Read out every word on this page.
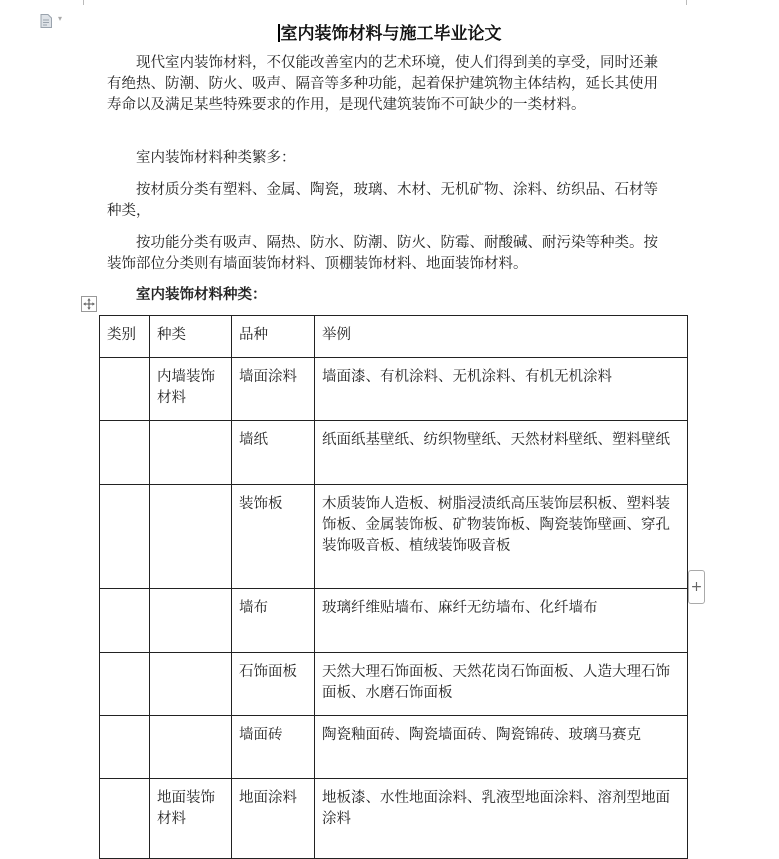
▾
室内装饰材料与施工毕业论文

现代室内装饰材料，不仅能改善室内的艺术环境，使人们得到美的享受，同时还兼有绝热、防潮、防火、吸声、隔音等多种功能，起着保护建筑物主体结构，延长其使用寿命以及满足某些特殊要求的作用，是现代建筑装饰不可缺少的一类材料。

室内装饰材料种类繁多：

按材质分类有塑料、金属、陶瓷，玻璃、木材、无机矿物、涂料、纺织品、石材等种类，

按功能分类有吸声、隔热、防水、防潮、防火、防霉、耐酸碱、耐污染等种类。按装饰部位分类则有墙面装饰材料、顶棚装饰材料、地面装饰材料。

室内装饰材料种类：

类别	种类	品种	举例
	内墙装饰材料	墙面涂料	墙面漆、有机涂料、无机涂料、有机无机涂料
		墙纸	纸面纸基壁纸、纺织物壁纸、天然材料壁纸、塑料壁纸
		装饰板	木质装饰人造板、树脂浸渍纸高压装饰层积板、塑料装饰板、金属装饰板、矿物装饰板、陶瓷装饰壁画、穿孔装饰吸音板、植绒装饰吸音板
		墙布	玻璃纤维贴墙布、麻纤无纺墙布、化纤墙布
		石饰面板	天然大理石饰面板、天然花岗石饰面板、人造大理石饰面板、水磨石饰面板
		墙面砖	陶瓷釉面砖、陶瓷墙面砖、陶瓷锦砖、玻璃马赛克
	地面装饰材料	地面涂料	地板漆、水性地面涂料、乳液型地面涂料、溶剂型地面涂料
+
